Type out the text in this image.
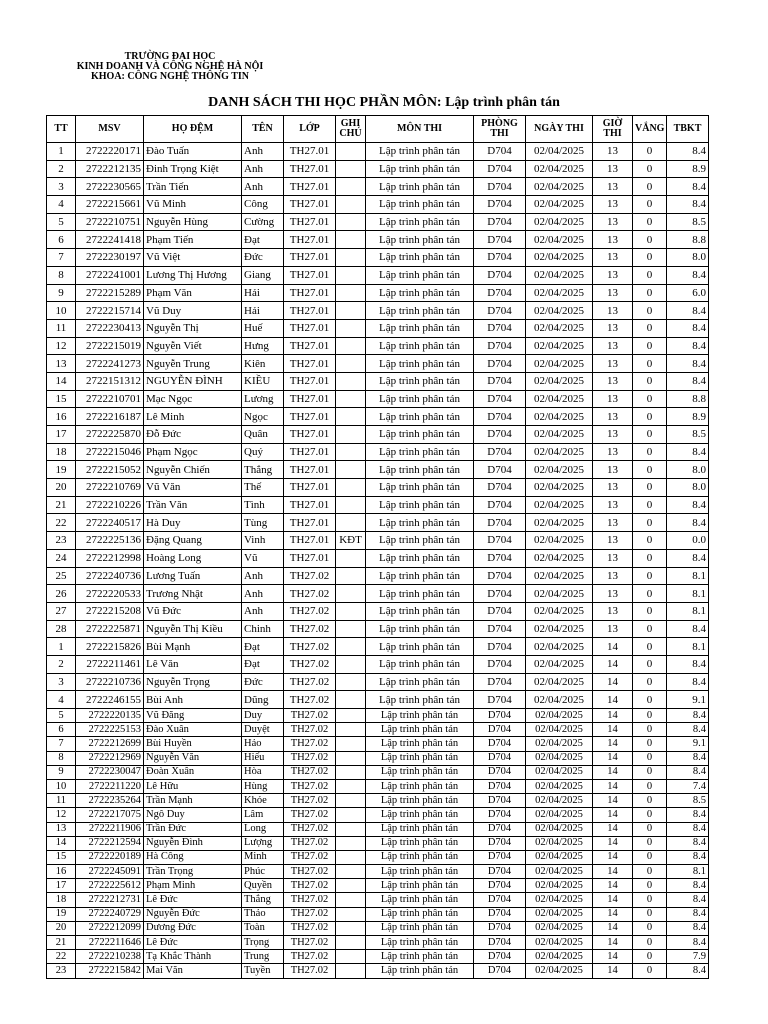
TRƯỜNG ĐẠI HỌC
KINH DOANH VÀ CÔNG NGHỆ HÀ NỘI
KHOA: CÔNG NGHỆ THÔNG TIN
DANH SÁCH THI HỌC PHẦN MÔN: Lập trình phân tán
TT	MSV	HỌ ĐỆM	TÊN	LỚP	GHI CHÚ	MÔN THI	PHÒNG THI	NGÀY THI	GIỜ THI	VẮNG	TBKT
1	2722220171	Đào Tuấn	Anh	TH27.01		Lập trình phân tán	D704	02/04/2025	13	0	8.4
2	2722212135	Đinh Trọng Kiệt	Anh	TH27.01		Lập trình phân tán	D704	02/04/2025	13	0	8.9
3	2722230565	Trần Tiến	Anh	TH27.01		Lập trình phân tán	D704	02/04/2025	13	0	8.4
4	2722215661	Vũ Minh	Công	TH27.01		Lập trình phân tán	D704	02/04/2025	13	0	8.4
5	2722210751	Nguyễn Hùng	Cường	TH27.01		Lập trình phân tán	D704	02/04/2025	13	0	8.5
6	2722241418	Phạm Tiến	Đạt	TH27.01		Lập trình phân tán	D704	02/04/2025	13	0	8.8
7	2722230197	Vũ Việt	Đức	TH27.01		Lập trình phân tán	D704	02/04/2025	13	0	8.0
8	2722241001	Lương Thị Hương	Giang	TH27.01		Lập trình phân tán	D704	02/04/2025	13	0	8.4
9	2722215289	Phạm Văn	Hải	TH27.01		Lập trình phân tán	D704	02/04/2025	13	0	6.0
10	2722215714	Vũ Duy	Hải	TH27.01		Lập trình phân tán	D704	02/04/2025	13	0	8.4
11	2722230413	Nguyễn Thị	Huế	TH27.01		Lập trình phân tán	D704	02/04/2025	13	0	8.4
12	2722215019	Nguyễn Viết	Hưng	TH27.01		Lập trình phân tán	D704	02/04/2025	13	0	8.4
13	2722241273	Nguyễn Trung	Kiên	TH27.01		Lập trình phân tán	D704	02/04/2025	13	0	8.4
14	2722151312	NGUYỄN ĐÌNH	KIỀU	TH27.01		Lập trình phân tán	D704	02/04/2025	13	0	8.4
15	2722210701	Mạc Ngọc	Lương	TH27.01		Lập trình phân tán	D704	02/04/2025	13	0	8.8
16	2722216187	Lê Minh	Ngọc	TH27.01		Lập trình phân tán	D704	02/04/2025	13	0	8.9
17	2722225870	Đỗ Đức	Quân	TH27.01		Lập trình phân tán	D704	02/04/2025	13	0	8.5
18	2722215046	Phạm Ngọc	Quý	TH27.01		Lập trình phân tán	D704	02/04/2025	13	0	8.4
19	2722215052	Nguyễn Chiến	Thắng	TH27.01		Lập trình phân tán	D704	02/04/2025	13	0	8.0
20	2722210769	Vũ Văn	Thế	TH27.01		Lập trình phân tán	D704	02/04/2025	13	0	8.0
21	2722210226	Trần Văn	Tình	TH27.01		Lập trình phân tán	D704	02/04/2025	13	0	8.4
22	2722240517	Hà Duy	Tùng	TH27.01		Lập trình phân tán	D704	02/04/2025	13	0	8.4
23	2722225136	Đặng Quang	Vinh	TH27.01	KĐT	Lập trình phân tán	D704	02/04/2025	13	0	0.0
24	2722212998	Hoàng Long	Vũ	TH27.01		Lập trình phân tán	D704	02/04/2025	13	0	8.4
25	2722240736	Lương Tuấn	Anh	TH27.02		Lập trình phân tán	D704	02/04/2025	13	0	8.1
26	2722220533	Trương Nhật	Anh	TH27.02		Lập trình phân tán	D704	02/04/2025	13	0	8.1
27	2722215208	Vũ Đức	Anh	TH27.02		Lập trình phân tán	D704	02/04/2025	13	0	8.1
28	2722225871	Nguyễn Thị Kiều	Chinh	TH27.02		Lập trình phân tán	D704	02/04/2025	13	0	8.4
1	2722215826	Bùi Mạnh	Đạt	TH27.02		Lập trình phân tán	D704	02/04/2025	14	0	8.1
2	2722211461	Lê Văn	Đạt	TH27.02		Lập trình phân tán	D704	02/04/2025	14	0	8.4
3	2722210736	Nguyễn Trọng	Đức	TH27.02		Lập trình phân tán	D704	02/04/2025	14	0	8.4
4	2722246155	Bùi Anh	Dũng	TH27.02		Lập trình phân tán	D704	02/04/2025	14	0	9.1
5	2722220135	Vũ Đăng	Duy	TH27.02		Lập trình phân tán	D704	02/04/2025	14	0	8.4
6	2722225153	Đào Xuân	Duyệt	TH27.02		Lập trình phân tán	D704	02/04/2025	14	0	8.4
7	2722212699	Bùi Huyền	Hảo	TH27.02		Lập trình phân tán	D704	02/04/2025	14	0	9.1
8	2722212969	Nguyễn Văn	Hiếu	TH27.02		Lập trình phân tán	D704	02/04/2025	14	0	8.4
9	2722230047	Đoàn Xuân	Hòa	TH27.02		Lập trình phân tán	D704	02/04/2025	14	0	8.4
10	2722211220	Lê Hữu	Hùng	TH27.02		Lập trình phân tán	D704	02/04/2025	14	0	7.4
11	2722235264	Trần Mạnh	Khỏe	TH27.02		Lập trình phân tán	D704	02/04/2025	14	0	8.5
12	2722217075	Ngô Duy	Lâm	TH27.02		Lập trình phân tán	D704	02/04/2025	14	0	8.4
13	2722211906	Trần Đức	Long	TH27.02		Lập trình phân tán	D704	02/04/2025	14	0	8.4
14	2722212594	Nguyễn Đình	Lượng	TH27.02		Lập trình phân tán	D704	02/04/2025	14	0	8.4
15	2722220189	Hà Công	Minh	TH27.02		Lập trình phân tán	D704	02/04/2025	14	0	8.4
16	2722245091	Trần Trọng	Phúc	TH27.02		Lập trình phân tán	D704	02/04/2025	14	0	8.1
17	2722225612	Phạm Minh	Quyền	TH27.02		Lập trình phân tán	D704	02/04/2025	14	0	8.4
18	2722212731	Lê Đức	Thắng	TH27.02		Lập trình phân tán	D704	02/04/2025	14	0	8.4
19	2722240729	Nguyễn Đức	Thảo	TH27.02		Lập trình phân tán	D704	02/04/2025	14	0	8.4
20	2722212099	Dương Đức	Toàn	TH27.02		Lập trình phân tán	D704	02/04/2025	14	0	8.4
21	2722211646	Lê Đức	Trọng	TH27.02		Lập trình phân tán	D704	02/04/2025	14	0	8.4
22	2722210238	Tạ Khắc Thành	Trung	TH27.02		Lập trình phân tán	D704	02/04/2025	14	0	7.9
23	2722215842	Mai Văn	Tuyền	TH27.02		Lập trình phân tán	D704	02/04/2025	14	0	8.4
